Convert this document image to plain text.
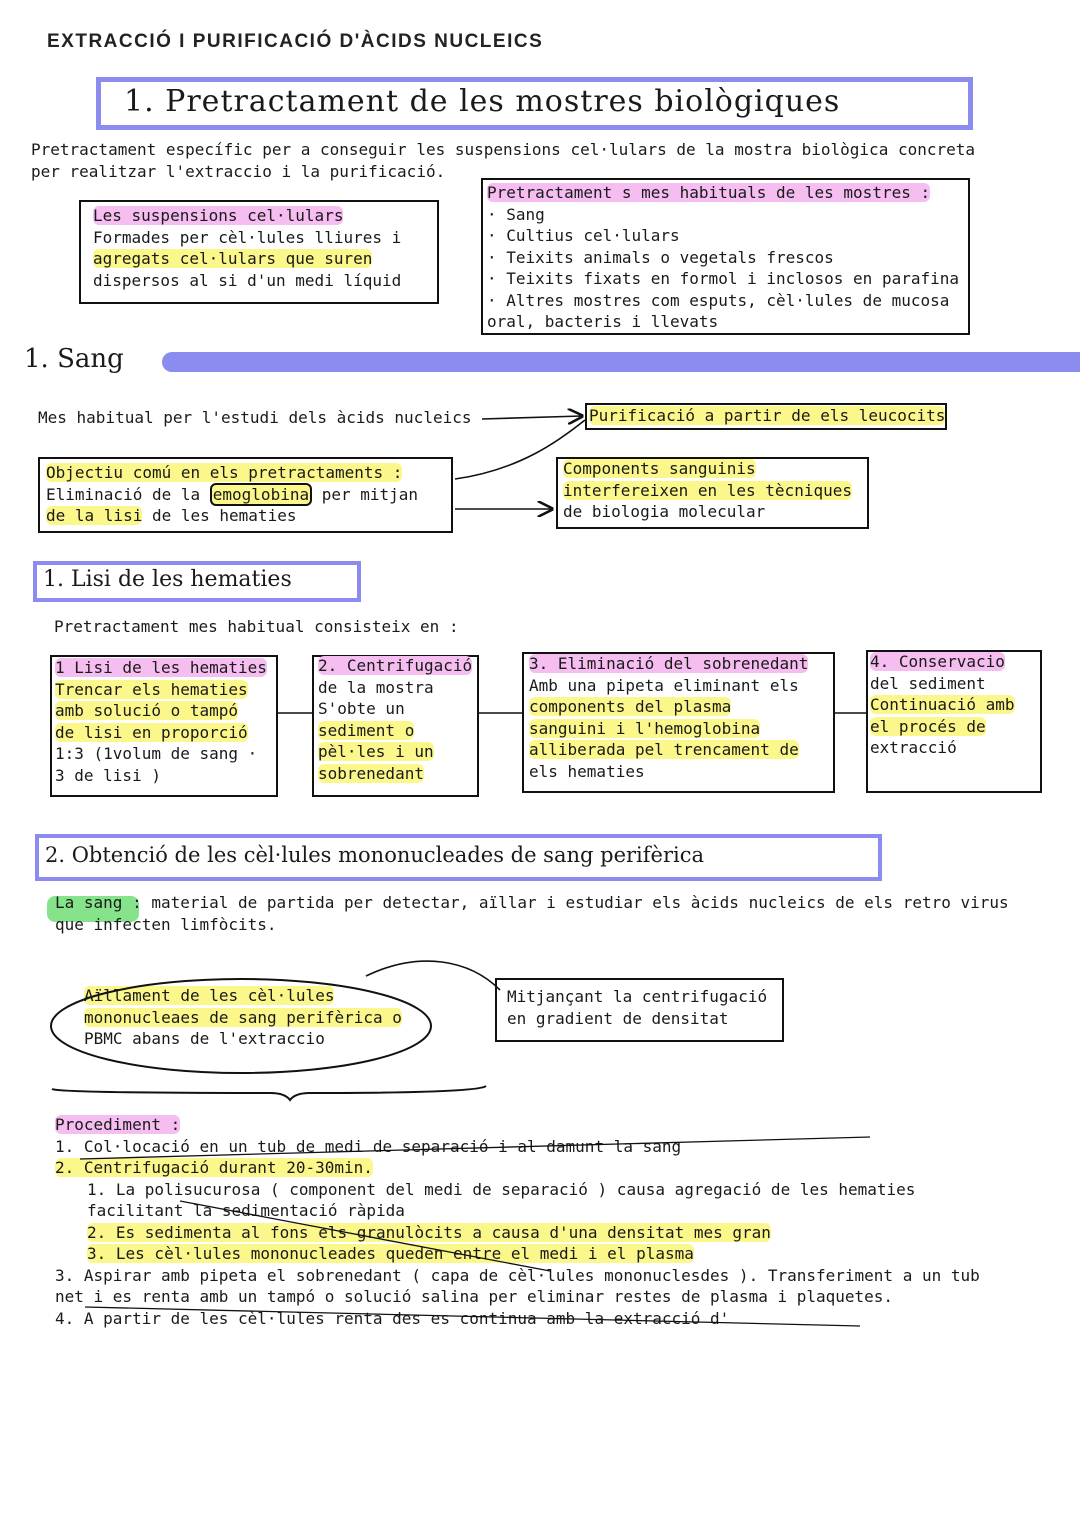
EXTRACCIÓ I PURIFICACIÓ D'ÀCIDS NUCLEICS
1. Pretractament de les mostres biològiques
Pretractament específic per a conseguir les suspensions cel·lulars de la mostra biològica concreta
per realitzar l'extraccio i la purificació.
Les suspensions cel·lulars
Formades per cèl·lules lliures i
agregats cel·lulars que suren
dispersos al si d'un medi líquid
Pretractament s mes habituals de les mostres :
· Sang
· Cultius cel·lulars
· Teixits animals o vegetals frescos
· Teixits fixats en formol i inclosos en parafina
· Altres mostres com esputs, cèl·lules de mucosa
oral, bacteris i llevats
1. Sang
Mes habitual per l'estudi dels àcids nucleics	Purificació a partir de els leucocits
Objectiu comú en els pretractaments :
Eliminació de la emoglobina per mitjan
de la lisi de les hematies
Components sanguinis
interfereixen en les tècniques
de biologia molecular
1. Lisi de les hematies
Pretractament mes habitual consisteix en :
1 Lisi de les hematies
Trencar els hematies
amb solució o tampó
de lisi en proporció
1:3 (1volum de sang ·
3 de lisi )
2. Centrifugació
de la mostra
S'obte un
sediment o
pèl·les i un
sobrenedant
3. Eliminació del sobrenedant
Amb una pipeta eliminant els
components del plasma
sanguini i l'hemoglobina
alliberada pel trencament de
els hematies
4. Conservacio
del sediment
Continuació amb
el procés de
extracció
2. Obtenció de les cèl·lules mononucleades de sang perifèrica
La sang : material de partida per detectar, aïllar i estudiar els àcids nucleics de els retro virus
que infecten limfòcits.
Aïllament de les cèl·lules
mononucleaes de sang perifèrica o
PBMC abans de l'extraccio
Mitjançant la centrifugació
en gradient de densitat
Procediment :
1. Col·locació en un tub de medi de separació i al damunt la sang
2. Centrifugació durant 20-30min.
1. La polisucurosa ( component del medi de separació ) causa agregació de les hematies
facilitant la sedimentació ràpida
2. Es sedimenta al fons els granulòcits a causa d'una densitat mes gran
3. Les cèl·lules mononucleades queden entre el medi i el plasma
3. Aspirar amb pipeta el sobrenedant ( capa de cèl·lules mononuclesdes ). Transferiment a un tub
net i es renta amb un tampó o solució salina per eliminar restes de plasma i plaquetes.
4. A partir de les cèl·lules renta des es continua amb la extracció d'
